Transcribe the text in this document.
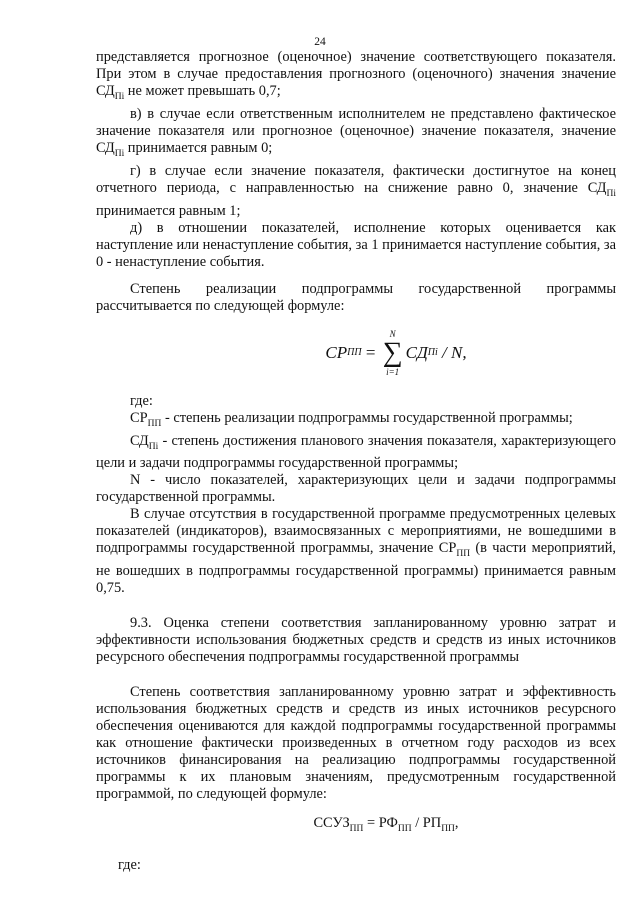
24

представляется прогнозное (оценочное) значение соответствующего показателя. При этом в случае предоставления прогнозного (оценочного) значения значение $СД_{Пі}$ не может превышать 0,7;

в) в случае если ответственным исполнителем не представлено фактическое значение показателя или прогнозное (оценочное) значение показателя, значение $СД_{Пі}$ принимается равным 0;

г) в случае если значение показателя, фактически достигнутое на конец отчетного периода, с направленностью на снижение равно 0, значение $СД_{Пі}$ принимается равным 1;

д) в отношении показателей, исполнение которых оценивается как наступление или ненаступление события, за 1 принимается наступление события, за 0 - ненаступление события.

Степень реализации подпрограммы государственной программы рассчитывается по следующей формуле:

СР ПП =
N
∑
i=1
СД Пі / N,

где:

$СР_{ПП}$ - степень реализации подпрограммы государственной программы;

$СД_{Пі}$ - степень достижения планового значения показателя, характеризующего цели и задачи подпрограммы государственной программы;

N - число показателей, характеризующих цели и задачи подпрограммы государственной программы.

В случае отсутствия в государственной программе предусмотренных целевых показателей (индикаторов), взаимосвязанных с мероприятиями, не вошедшими в подпрограммы государственной программы, значение $СР_{ПП}$ (в части мероприятий, не вошедших в подпрограммы государственной программы) принимается равным 0,75.

9.3. Оценка степени соответствия запланированному уровню затрат и эффективности использования бюджетных средств и средств из иных источников ресурсного обеспечения подпрограммы государственной программы

Степень соответствия запланированному уровню затрат и эффективность использования бюджетных средств и средств из иных источников ресурсного обеспечения оцениваются для каждой подпрограммы государственной программы как отношение фактически произведенных в отчетном году расходов из всех источников финансирования на реализацию подпрограммы государственной программы к их плановым значениям, предусмотренным государственной программой, по следующей формуле:

$ССУЗ_{ПП} = РФ_{ПП} / РП_{ПП}$,

где:
